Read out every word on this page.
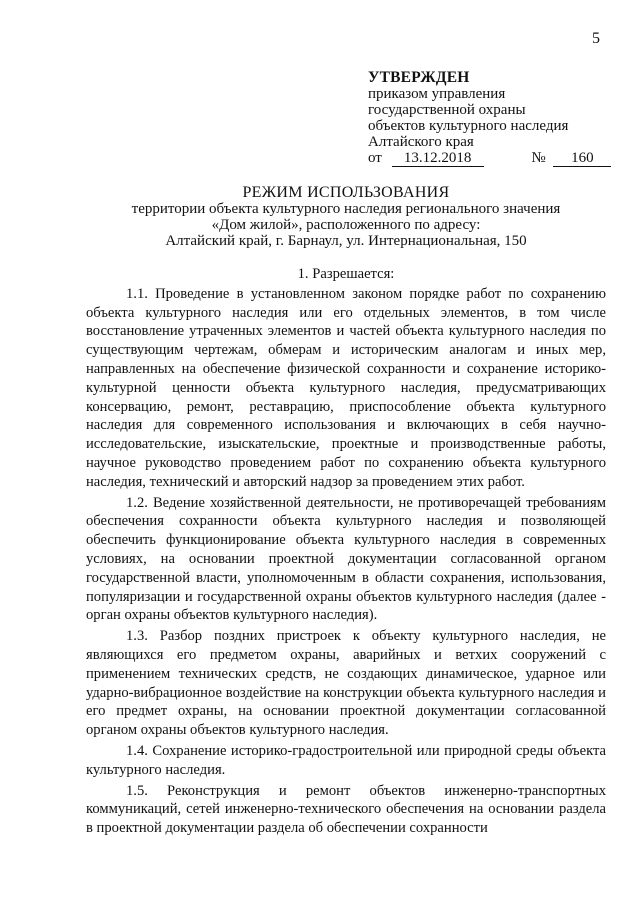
5
УТВЕРЖДЕН
приказом управления
государственной охраны
объектов культурного наследия
Алтайского края
от 13.12.2018	№ 160
РЕЖИМ ИСПОЛЬЗОВАНИЯ
территории объекта культурного наследия регионального значения
«Дом жилой», расположенного по адресу:
Алтайский край, г. Барнаул, ул. Интернациональная, 150
1. Разрешается:

1.1. Проведение в установленном законом порядке работ по сохранению объекта культурного наследия или его отдельных элементов, в том числе восстановление утраченных элементов и частей объекта культурного наследия по существующим чертежам, обмерам и историческим аналогам и иных мер, направленных на обеспечение физической сохранности и сохранение историко-культурной ценности объекта культурного наследия, предусматривающих консервацию, ремонт, реставрацию, приспособление объекта культурного наследия для современного использования и включающих в себя научно-исследовательские, изыскательские, проектные и производственные работы, научное руководство проведением работ по сохранению объекта культурного наследия, технический и авторский надзор за проведением этих работ.

1.2. Ведение хозяйственной деятельности, не противоречащей требованиям обеспечения сохранности объекта культурного наследия и позволяющей обеспечить функционирование объекта культурного наследия в современных условиях, на основании проектной документации согласованной органом государственной власти, уполномоченным в области сохранения, использования, популяризации и государственной охраны объектов культурного наследия (далее - орган охраны объектов культурного наследия).

1.3. Разбор поздних пристроек к объекту культурного наследия, не являющихся его предметом охраны, аварийных и ветхих сооружений с применением технических средств, не создающих динамическое, ударное или ударно-вибрационное воздействие на конструкции объекта культурного наследия и его предмет охраны, на основании проектной документации согласованной органом охраны объектов культурного наследия.

1.4. Сохранение историко-градостроительной или природной среды объекта культурного наследия.

1.5. Реконструкция и ремонт объектов инженерно-транспортных коммуникаций, сетей инженерно-технического обеспечения на основании раздела в проектной документации раздела об обеспечении сохранности
